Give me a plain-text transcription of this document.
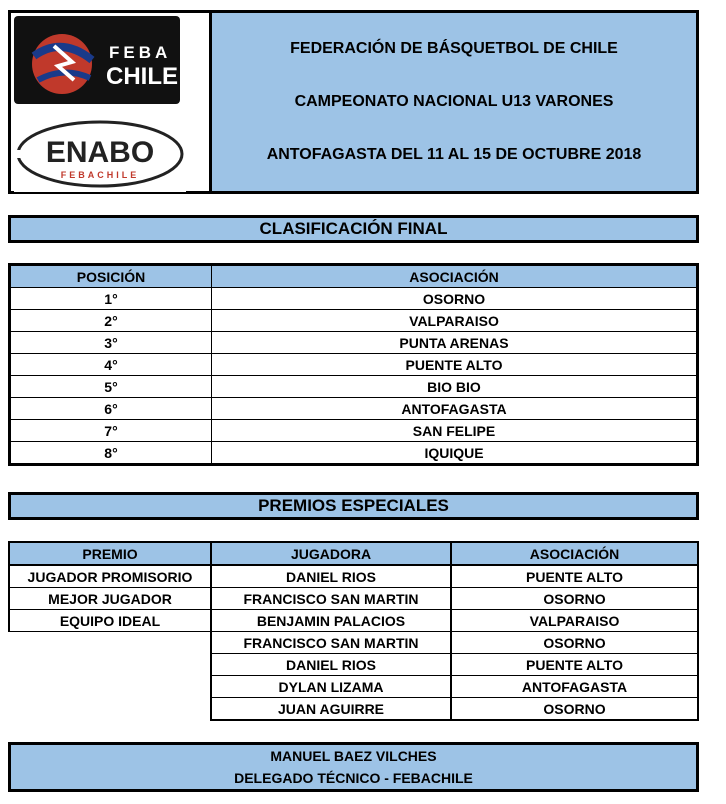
FEBA
CHILE
ENABO
FEBACHILE
FEDERACIÓN DE BÁSQUETBOL DE CHILE
CAMPEONATO NACIONAL U13 VARONES
ANTOFAGASTA DEL 11 AL 15 DE OCTUBRE 2018
CLASIFICACIÓN FINAL
POSICIÓN	ASOCIACIÓN
1°	OSORNO
2°	VALPARAISO
3°	PUNTA ARENAS
4°	PUENTE ALTO
5°	BIO BIO
6°	ANTOFAGASTA
7°	SAN FELIPE
8°	IQUIQUE
PREMIOS ESPECIALES
PREMIO	JUGADORA	ASOCIACIÓN
JUGADOR PROMISORIO	DANIEL RIOS	PUENTE ALTO
MEJOR JUGADOR	FRANCISCO SAN MARTIN	OSORNO
EQUIPO IDEAL	BENJAMIN PALACIOS	VALPARAISO
	FRANCISCO SAN MARTIN	OSORNO
	DANIEL RIOS	PUENTE ALTO
	DYLAN LIZAMA	ANTOFAGASTA
	JUAN AGUIRRE	OSORNO
MANUEL BAEZ VILCHES
DELEGADO TÉCNICO - FEBACHILE
